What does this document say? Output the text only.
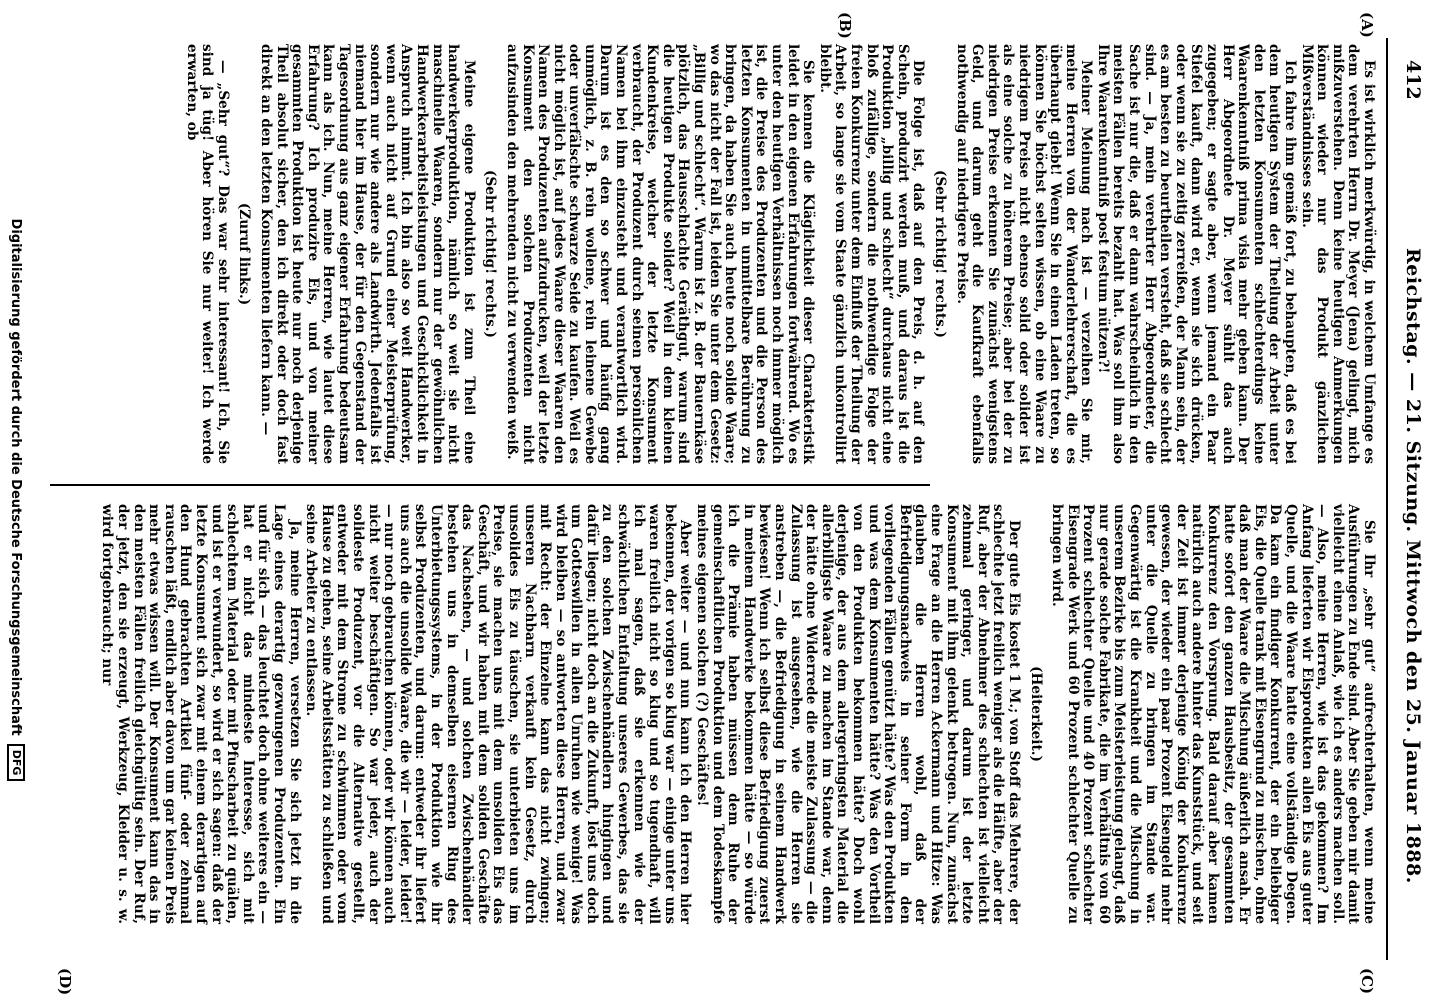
412
Reichstag. — 21. Sitzung. Mittwoch den 25. Januar 1888.
(A)
(B)
(C)
(D)

Es ist wirklich merkwürdig, in welchem Umfange es dem verehrten Herrn Dr. Meyer (Jena) gelingt, mich mißzuverstehen. Denn keine heutigen Anmerkungen können wieder nur das Produkt gänzlichen Mißverständnisses sein.

Ich fahre ihm gemäß fort, zu behaupten, daß es bei dem heutigen System der Theilung der Arbeit unter den letzten Konsumenten schlechterdings keine Waarenkenntniß prima visia mehr geben kann. Der Herr Abgeordnete Dr. Meyer sühlt das auch zugegeben; er sagte aber, wenn jemand ein Paar Stiefel kauft, dann wird er, wenn sie sich drücken, oder wenn sie zu zeitig zerreißen, der Mann sein, der es am besten zu beurtheilen versteht, daß sie schlecht sind. — Ja, mein verehrter Herr Abgeordneter, die Sache ist nur die, daß er dann wahrscheinlich in den meisten Fällen bereits bezahlt hat. Was soll ihm also Ihre Waarenkenntniß post festum nützen?!

Meiner Meinung nach ist — verzeihen Sie mir, meine Herren von der Wanderlehrerschaft, die es überhaupt giebt! Wenn Sie in einen Laden treten, so können Sie höchst selten wissen, ob eine Waare zu niedrigem Preise nicht ebenso solid oder solider ist als eine solche zu höherem Preise; aber bei der zu niedrigen Preise erkennen Sie zunächst wenigstens Geld, und darum geht die Kaufkraft ebenfalls nothwendig auf niedrigere Preise.

(Sehr richtig! rechts.)

Die Folge ist, daß auf den Preis, d. h. auf den Schein, produzirt werden muß, und daraus ist die Produktion „billig und schlecht“ durchaus nicht eine bloß zufällige, sondern die nothwendige Folge der freien Konkurrenz unter dem Einfluß der Theilung der Arbeit, so lange sie vom Staate gänzlich unkontrollirt bleibt.

Sie kennen die Kläglichkeit dieser Charakteristik leidet in den eigenen Erfahrungen fortwährend. Wo es unter den heutigen Verhältnissen noch immer möglich ist, die Preise des Produzenten und die Person des letzten Konsumenten in unmittelbare Berührung zu bringen, da haben Sie auch heute noch solide Waare; wo das nicht der Fall ist, leiden Sie unter dem Gesetz: „Billig und schlecht“. Warum ist z. B. der Bauernkäse plötzlich, das Hausschlachte Geräthgut, warum sind die heutigen Produkte solider? Weil in dem kleinen Kundenkreise, welcher der letzte Konsument verbraucht, der Produzent durch seinen persönlichen Namen bei ihm einzusteht und verantwortlich wird. Darum ist es den so schwer und häufig gang unmöglich, z. B. rein wollene, rein leinene Gewebe oder unverfälschte schwarze Seide zu kaufen. Weil es nicht möglich ist, auf jedes Waare dieser Waaren den Namen des Produzenten aufzudrucken, weil der letzte Konsument den solchen Produzenten nicht aufzusinden den mehrenden nicht zu verwenden weiß.

(Sehr richtig! rechts.)

Meine eigene Produktion ist zum Theil eine handwerkerproduktion, nämlich so weit sie nicht maschinelle Waaren, sondern nur der gewöhnlichen Handwerkerarbeitsleistungen und Geschicklichkeit in Anspruch nimmt. Ich bin also so weit Handwerker, wenn auch nicht auf Grund einer Meisterprüfung, sondern nur wie andere als Landwirth. Jedenfalls ist niemand hier im Hause, der für den Gegenstand der Tagesordnung aus ganz eigener Erfahrung bedeutsam kann als ich. Nun, meine Herren, wie lautet diese Erfahrung? Ich produzire Eis, und von meiner gesammten Produktion ist heute nur noch derjenige Theil absolut sicher, den ich direkt oder doch fast direkt an den letzten Konsumenten liefern kann. —

(Zuruf links.)

— „Sehr gut“? Das war sehr interessant! Ich, Sie sind ja tüg! Aber hören Sie nur weiter! Ich werde erwarten, ob

Sie Ihr „sehr gut“ aufrechterhalten, wenn meine Ausführungen zu Ende sind. Aber Sie geben mir damit vielleicht einen Anlaß, wie ich es anders machen soll. — Also, meine Herren, wie ist das gekommen? Im Anfang lieferten wir Eisprodukten allen Eis aus guter Quelle, und die Waare hatte eine vollständige Degen. Da kam ein findiger Konkurrent, der ein beliebiger Eis, die Quelle trank mit Eisengrund zu mischen, ohne daß man der Waare die Mischung äußerlich ansah. Er hatte sofort den ganzen Hausbesitz, der gesammten Konkurrenz den Vorsprung. Bald darauf aber kamen natürlich auch andere hinter das Kunststück, und seit der Zeit ist immer derjenige König der Konkurrenz gewesen, der wieder ein paar Prozent Eisengeld mehr unter die Quelle zu bringen im Stande war. Gegenwärtig ist die Krankheit und die Mischung in unserem Bezirke bis zum Meisterleistung gelangt, daß nur gerade solche Fabrikate, die im Verhältnis von 60 Prozent schlechter Quelle und 40 Prozent schlechter Eisengrade Werk und 60 Prozent schlechter Quelle zu bringen wird.

(Heiterkeit.)

Der gute Eis kostet 1 M.; von Stoff das Mehrere, der schlechte jetzt freilich weniger als die Hälfte, aber der Ruf, aber der Abnehmer des schlechten ist vielleicht zehnmal geringer, und darum ist der letzte Konsument mit ihm gelenkt betrogen. Nun, zunächst eine Frage an die Herren Ackermann und Hitze: Was glauben die Herren wohl, daß der Befriedigungsnachweis in seiner Form in den vorliegenden Fällen genützt hätte? Was den Produkten und was dem Konsumenten hätte? Was den Vortheil von den Produkten bekommen hätte? Doch wohl derjenige, der aus dem allergeringsten Material die allerbilligste Waare zu machen im Stande war, denn der hätte ohne Widerrede die meiste Zulassung — die Zulassung ist ausgesehen, wie die Herren sie anstreben —, die Befriedigung in seinem Handwerk bewiesen! Wenn ich selbst diese Befriedigung zuerst in meinem Handwerke bekommen hätte — so würde ich die Prämie haben müssen dem Ruhe der gemeinschaftlichen Produktion und dem Todeskampfe meines eigenen solchen (?) Geschäftes!

Aber weiter — und nun kann ich den Herren hier bekennen, der vorigen so klug war — einige unter uns waren freilich nicht so klug und so tugendhaft, will ich mal sagen, daß sie erkennen wie der schwächlichen Entfaltung unseres Gewerbes, das sie zu den solchen Zwischenhändlern hingingen und dafür liegen; nicht doch an die Zukunft, löst uns doch um Gotteswillen in allen Unruhen wie wenige! Was wird bleiben — so antworten diese Herren, und zwar mit Recht: der Einzelne kann das nicht zwingen; unseren Nachbarn verkauft kein Gesetz, durch unsolides Eis zu täuschen, sie unterbieten uns im Preise, sie machen uns mit dem unsoliden Eis das Geschäft, und wir haben mit dem soliden Geschäfte das Nachsehen, — und solchen Zwischenhändler bestehen uns in demselben eisernen Ring des Unterbietungssystems, in der Produktion wie ihr selbst Produzenten, und darum: entweder ihr liefert uns auch die unsolide Waare, die wir — leider, leider! — nur noch gebrauchen können, oder wir können auch nicht weiter beschäftigen. So war jeder, auch der solideste Produzent, vor die Alternative gestellt, entweder mit dem Strome zu schwimmen oder vom Hause zu gehen, seine Arbeitsstätten zu schließen und seine Arbeiter zu entlassen.

Ja, meine Herren, versetzen Sie sich jetzt in die Lage eines derartig gezwungenen Produzenten. Ein und für sich — das leuchtet doch ohne weiteres ein — hat er nicht das mindeste Interesse, sich mit schlechtem Material oder mit Pfuscharbeit zu quälen, und ist er verwundert, so wird er sich sagen: daß der letzte Konsument sich zwar mit einem derartigen auf den Hund gebrachten Artikel fünf- oder zehnmal rauschen läßt, endlich aber davon um gar keinen Preis mehr etwas wissen will. Der Konsument kann das in den meisten Fällen freilich gleichgültig sein. Der Ruf, der jetzt, den sie erzeugt, Werkzeug, Kleider u. s. w. wird fortgebraucht; nur

Digitalisierung gefördert durch die Deutsche Forschungsgemeinschaft
DFG
